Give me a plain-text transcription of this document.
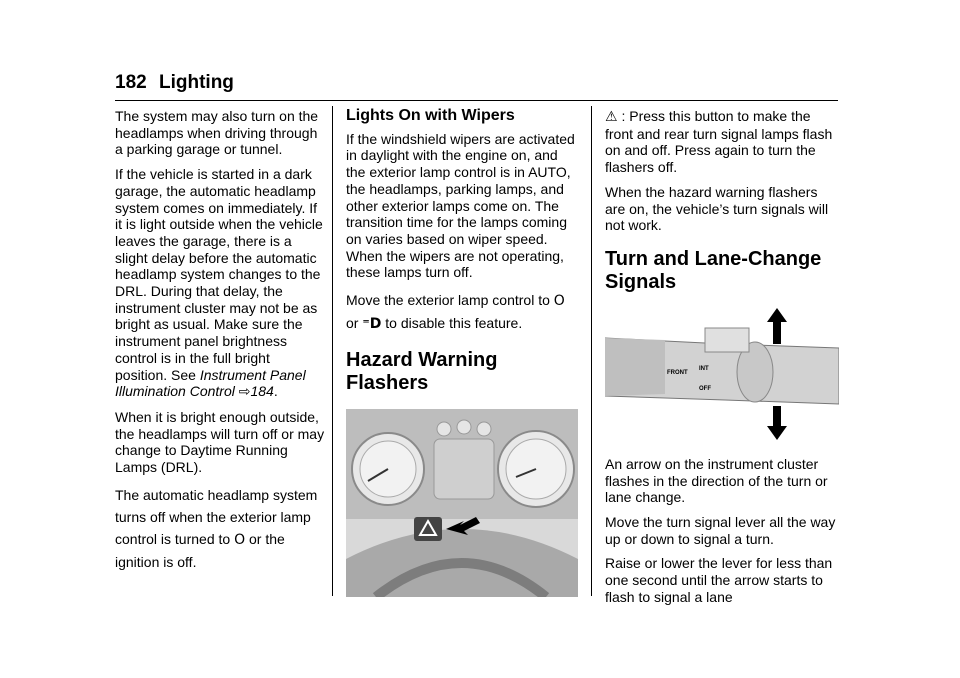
182 Lighting

The system may also turn on the headlamps when driving through a parking garage or tunnel.

If the vehicle is started in a dark garage, the automatic headlamp system comes on immediately. If it is light outside when the vehicle leaves the garage, there is a slight delay before the automatic headlamp system changes to the DRL. During that delay, the instrument cluster may not be as bright as usual. Make sure the instrument panel brightness control is in the full bright position. See Instrument Panel Illumination Control ⇨184.

When it is bright enough outside, the headlamps will turn off or may change to Daytime Running Lamps (DRL).

The automatic headlamp system turns off when the exterior lamp control is turned to O or the ignition is off.

Lights On with Wipers

If the windshield wipers are activated in daylight with the engine on, and the exterior lamp control is in AUTO, the headlamps, parking lamps, and other exterior lamps come on. The transition time for the lamps coming on varies based on wiper speed. When the wipers are not operating, these lamps turn off.

Move the exterior lamp control to O
or ⁼D to disable this feature.

Hazard Warning Flashers

⚠ : Press this button to make the front and rear turn signal lamps flash on and off. Press again to turn the flashers off.

When the hazard warning flashers are on, the vehicle’s turn signals will not work.

Turn and Lane-Change Signals
FRONT
INT
OFF

An arrow on the instrument cluster flashes in the direction of the turn or lane change.

Move the turn signal lever all the way up or down to signal a turn.

Raise or lower the lever for less than one second until the arrow starts to flash to signal a lane
